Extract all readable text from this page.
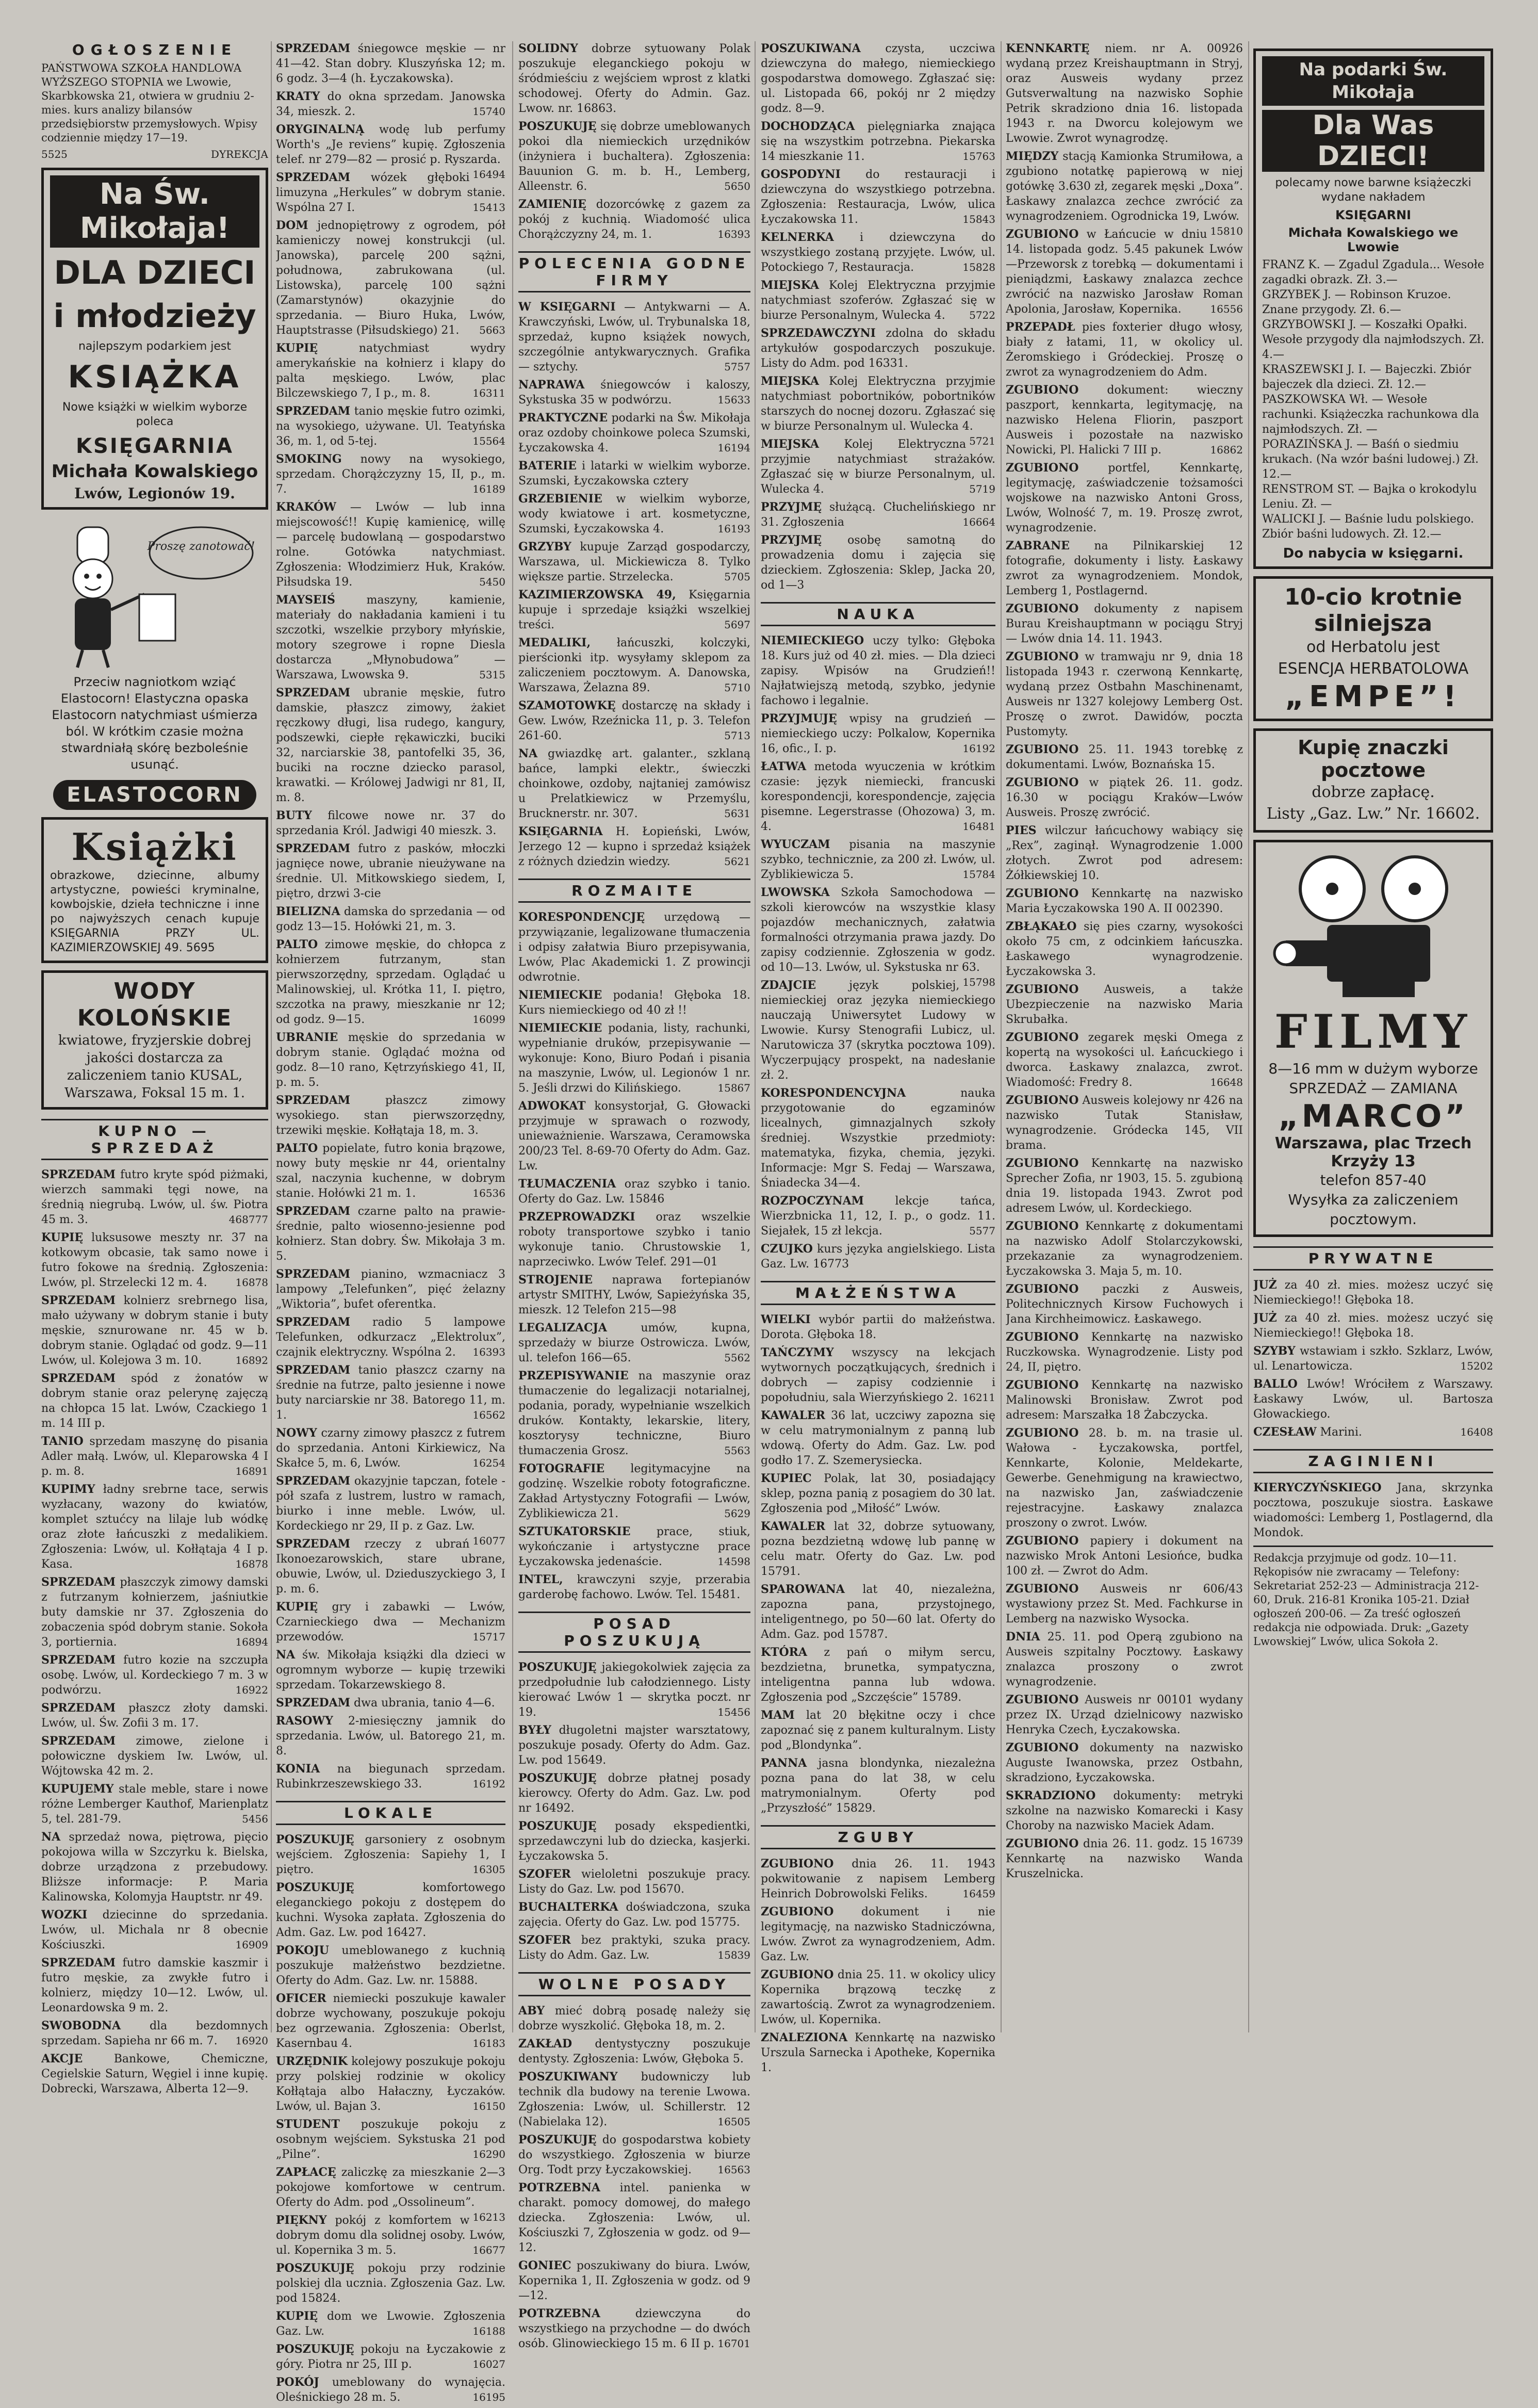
OGŁOSZENIE
PAŃSTWOWA SZKOŁA HANDLOWA WYŻSZEGO STOPNIA we Lwowie, Skarbkowska 21, otwiera w grudniu 2-mies. kurs analizy bilansów przedsiębiorstw przemysłowych. Wpisy codziennie między 17—19.
5525	DYREKCJA
Na Św. Mikołaja!
DLA DZIECI
i młodzieży
najlepszym podarkiem jest
KSIĄŻKA
Nowe książki w wielkim wyborze poleca
KSIĘGARNIA
Michała Kowalskiego
Lwów, Legionów 19.
Proszę zanotować!
Przeciw nagniotkom wziąć Elastocorn! Elastyczna opaska Elastocorn natychmiast uśmierza ból. W krótkim czasie można stwardniałą skórę bezboleśnie usunąć.
ELASTOCORN
Książki
obrazkowe, dziecinne, albumy artystyczne, powieści kryminalne, kowbojskie, dzieła techniczne i inne po najwyższych cenach kupuje KSIĘGARNIA PRZY UL. KAZIMIERZOWSKIEJ 49. 5695
WODY KOLOŃSKIE
kwiatowe, fryzjerskie dobrej jakości dostarcza za zaliczeniem tanio KUSAL, Warszawa, Foksal 15 m. 1.
KUPNO — SPRZEDAŻ
SPRZEDAM futro kryte spód piżmaki, wierzch sammaki tęgi nowe, na średnią niegrubą. Lwów, ul. św. Piotra 45 m. 3.	468777
KUPIĘ luksusowe meszty nr. 37 na kotkowym obcasie, tak samo nowe i futro fokowe na średnią. Zgłoszenia: Lwów, pl. Strzelecki 12 m. 4.	16878
SPRZEDAM kolnierz srebrnego lisa, mało używany w dobrym stanie i buty męskie, sznurowane nr. 45 w b. dobrym stanie. Oglądać od godz. 9—11 Lwów, ul. Kolejowa 3 m. 10.	16892
SPRZEDAM spód z żonatów w dobrym stanie oraz pelerynę zajęczą na chłopca 15 lat. Lwów, Czackiego 1 m. 14 III p.
TANIO sprzedam maszynę do pisania Adler małą. Lwów, ul. Kleparowska 4 I p. m. 8.	16891
KUPIMY ładny srebrne tace, serwis wyzłacany, wazony do kwiatów, komplet sztućcy na lilaje lub wódkę oraz złote łańcuszki z medalikiem. Zgłoszenia: Lwów, ul. Kołłątaja 4 I p. Kasa.	16878
SPRZEDAM płaszczyk zimowy damski z futrzanym kołnierzem, jaśniutkie buty damskie nr 37. Zgłoszenia do zobaczenia spód dobrym stanie. Sokoła 3, portiernia.	16894
SPRZEDAM futro kozie na szczupła osobę. Lwów, ul. Kordeckiego 7 m. 3 w podwórzu.	16922
SPRZEDAM płaszcz złoty damski. Lwów, ul. Św. Zofii 3 m. 17.
SPRZEDAM zimowe, zielone i połowiczne dyskiem Iw. Lwów, ul. Wójtowska 42 m. 2.
KUPUJEMY stale meble, stare i nowe różne Lemberger Kauthof, Marienplatz 5, tel. 281-79.	5456
NA sprzedaż nowa, piętrowa, pięcio pokojowa willa w Szczyrku k. Bielska, dobrze urządzona z przebudowy. Bliższe informacje: P. Maria Kalinowska, Kolomyja Hauptstr. nr 49.
WOZKI dziecinne do sprzedania. Lwów, ul. Michala nr 8 obecnie Kościuszki.	16909
SPRZEDAM futro damskie kaszmir i futro męskie, za zwykłe futro i kolnierz, między 10—12. Lwów, ul. Leonardowska 9 m. 2.
SWOBODNA	dla bezdomnych sprzedam. Sapieha nr 66 m. 7.	16920
AKCJE	Bankowe, Chemiczne, Cegielskie Saturn, Węgiel i inne kupię. Dobrecki, Warszawa, Alberta 12—9.
SPRZEDAM śniegowce męskie — nr 41—42. Stan dobry. Kluszyńska 12; m. 6 godz. 3—4 (h. Łyczakowska).
KRATY do okna sprzedam. Janowska 34, mieszk. 2.	15740
ORYGINALNĄ wodę lub perfumy Worth's „Je reviens” kupię. Zgłoszenia telef. nr 279—82 — prosić p. Ryszarda.
16494
SPRZEDAM wózek głęboki limuzyna „Herkules” w dobrym stanie. Wspólna 27 I.	15413
DOM jednopiętrowy z ogrodem, pół kamieniczy nowej konstrukcji (ul. Janowska), parcelę 200 sążni, połudnowa, zabrukowana (ul. Listowska), parcelę 100 sążni (Zamarstynów) okazyjnie do sprzedania. — Biuro Huka, Lwów, Hauptstrasse (Piłsudskiego) 21.	5663
KUPIĘ	natychmiast wydry amerykańskie na kołnierz i klapy do palta męskiego. Lwów, plac Bilczewskiego 7, I p., m. 8.	16311
SPRZEDAM tanio męskie futro ozimki, na wysokiego, używane. Ul. Teatyńska 36, m. 1, od 5-tej.	15564
SMOKING nowy na wysokiego, sprzedam. Chorążczyzny 15, II, p., m. 7.	16189
KRAKÓW — Lwów — lub inna miejscowość!! Kupię kamienicę, willę — parcelę budowlaną — gospodarstwo rolne. Gotówka natychmiast. Zgłoszenia: Włodzimierz Huk, Kraków. Piłsudska 19.	5450
MAYSEIŚ	maszyny, kamienie, materiały do nakładania kamieni i tu szczotki, wszelkie przybory młyńskie, motory szegrowe i ropne Diesla dostarcza „Młynobudowa” — Warszawa, Lwowska 9.	5315
SPRZEDAM ubranie męskie, futro damskie, płaszcz zimowy, żakiet ręczkowy długi, lisa rudego, kangury, podszewki, ciepłe rękawiczki, buciki 32, narciarskie 38, pantofelki 35, 36, buciki na roczne dziecko parasol, krawatki. — Królowej Jadwigi nr 81, II, m. 8.
BUTY filcowe nowe nr. 37 do sprzedania Król. Jadwigi 40 mieszk. 3.
SPRZEDAM futro z pasków, młoczki jagnięce nowe, ubranie nieużywane na średnie. Ul. Mitkowskiego siedem, I, piętro, drzwi 3-cie
BIELIZNA damska do sprzedania — od godz 13—15. Hołówki 21, m. 3.
PALTO zimowe męskie, do chłopca z kołnierzem futrzanym, stan pierwszorzędny, sprzedam. Oglądać u Malinowskiej, ul. Krótka 11, I. piętro, szczotka na prawy, mieszkanie nr 12; od godz. 9—15.	16099
UBRANIE męskie do sprzedania w dobrym stanie. Oglądać można od godz. 8—10 rano, Kętrzyńskiego 41, II, p. m. 5.
SPRZEDAM	płaszcz zimowy wysokiego. stan pierwszorzędny, trzewiki męskie. Kołłątaja 18, m. 3.
PALTO popielate, futro konia brązowe, nowy buty męskie nr 44, orientalny szal, naczynia kuchenne, w dobrym stanie. Hołówki 21 m. 1.	16536
SPRZEDAM czarne palto na prawie-średnie, palto wiosenno-jesienne pod kołnierz. Stan dobry. Św. Mikołaja 3 m. 5.
SPRZEDAM pianino, wzmacniacz 3 lampowy „Telefunken”, pięć żelazny „Wiktoria”, bufet oferentka.
SPRZEDAM radio 5 lampowe Telefunken, odkurzacz „Elektrolux”, czajnik elektryczny. Wspólna 2.	16393
SPRZEDAM tanio płaszcz czarny na średnie na futrze, palto jesienne i nowe buty narciarskie nr 38. Batorego 11, m. 1.	16562
NOWY czarny zimowy płaszcz z futrem do sprzedania. Antoni Kirkiewicz, Na Skałce 5, m. 6, Lwów.	16254
SPRZEDAM okazyjnie tapczan, fotele - pół szafa z lustrem, lustro w ramach, biurko i inne meble. Lwów, ul. Kordeckiego nr 29, II p. z Gaz. Lw.
16077
SPRZEDAM rzeczy z ubrań Ikonoezarowskich, stare ubrane, obuwie, Lwów, ul. Dzieduszyckiego 3, I p. m. 6.
KUPIĘ gry i zabawki — Lwów, Czarnieckiego dwa — Mechanizm przewodów.	15717
NA św. Mikołaja książki dla dzieci w ogromnym wyborze — kupię trzewiki sprzedam. Tokarzewskiego 8.
SPRZEDAM dwa ubrania, tanio 4—6.
RASOWY 2-miesięczny jamnik do sprzedania. Lwów, ul. Batorego 21, m. 8.
KONIA na biegunach sprzedam. Rubinkrzeszewskiego 33.	16192
LOKALE
POSZUKUJĘ garsoniery z osobnym wejściem. Zgłoszenia: Sapiehy 1, I piętro.	16305
POSZUKUJĘ	komfortowego eleganckiego pokoju z dostępem do kuchni. Wysoka zapłata. Zgłoszenia do Adm. Gaz. Lw. pod 16427.
POKOJU umeblowanego z kuchnią poszukuje małżeństwo bezdzietne. Oferty do Adm. Gaz. Lw. nr. 15888.
OFICER niemiecki poszukuje kawaler dobrze wychowany, poszukuje pokoju bez ogrzewania. Zgłoszenia: Oberlst, Kasernbau 4.	16183
URZĘDNIK kolejowy poszukuje pokoju przy polskiej rodzinie w okolicy Kołłątaja albo Hałaczny, Łyczaków. Lwów, ul. Bajan 3.	16150
STUDENT poszukuje pokoju z osobnym wejściem. Sykstuska 21 pod „Pilne”.	16290
ZAPŁACĘ zaliczkę za mieszkanie 2—3 pokojowe komfortowe w centrum. Oferty do Adm. pod „Ossolineum”.
16213
PIĘKNY pokój z komfortem w dobrym domu dla solidnej osoby. Lwów, ul. Kopernika 3 m. 5.	16677
POSZUKUJĘ pokoju przy rodzinie polskiej dla ucznia. Zgłoszenia Gaz. Lw. pod 15824.
KUPIĘ dom we Lwowie. Zgłoszenia Gaz. Lw.	16188
POSZUKUJĘ pokoju na Łyczakowie z góry. Piotra nr 25, III p.	16027
POKÓJ umeblowany do wynajęcia. Oleśnickiego 28 m. 5.	16195
SOLIDNY dobrze sytuowany Polak poszukuje eleganckiego pokoju w śródmieściu z wejściem wprost z klatki schodowej. Oferty do Admin. Gaz. Lwow. nr. 16863.
POSZUKUJĘ się dobrze umeblowanych pokoi dla niemieckich urzędników (inżyniera i buchaltera). Zgłoszenia: Bauunion G. m. b. H., Lemberg, Alleenstr. 6.	5650
ZAMIENIĘ dozorcówkę z gazem za pokój z kuchnią. Wiadomość ulica Chorążczyzny 24, m. 1.	16393
POLECENIA GODNE FIRMY
W KSIĘGARNI — Antykwarni — A. Krawczyński, Lwów, ul. Trybunalska 18, sprzedaż, kupno książek nowych, szczególnie antykwarycznych. Grafika — sztychy.	5757
NAPRAWA śniegowców i kaloszy, Sykstuska 35 w podwórzu.	15633
PRAKTYCZNE podarki na Św. Mikołaja oraz ozdoby choinkowe poleca Szumski, Łyczakowska 4.	16194
BATERIE i latarki w wielkim wyborze. Szumski, Łyczakowska cztery
GRZEBIENIE w wielkim wyborze, wody kwiatowe i art. kosmetyczne, Szumski, Łyczakowska 4.	16193
GRZYBY kupuje Zarząd gospodarczy, Warszawa, ul. Mickiewicza 8. Tylko większe partie. Strzelecka.	5705
KAZIMIERZOWSKA 49, Księgarnia kupuje i sprzedaje książki wszelkiej treści.	5697
MEDALIKI, łańcuszki, kolczyki, pierścionki itp. wysyłamy sklepom za zaliczeniem pocztowym. A. Danowska, Warszawa, Żelazna 89.	5710
SZAMOTOWKĘ dostarczę na składy i Gew. Lwów, Rzeźnicka 11, p. 3. Telefon 261-60.	5713
NA gwiazdkę art. galanter., szklaną bańce, lampki elektr., świeczki choinkowe, ozdoby, najtaniej zamówisz u Prelatkiewicz w Przemyślu, Brucknerstr. nr. 307.	5631
KSIĘGARNIA H. Łopieński, Lwów, Jerzego 12 — kupno i sprzedaż książek z różnych dziedzin wiedzy.	5621
ROZMAITE
KORESPONDENCJĘ urzędową — przywiązanie, legalizowane tłumaczenia i odpisy załatwia Biuro przepisywania, Lwów, Plac Akademicki 1. Z prowincji odwrotnie.
NIEMIECKIE podania! Głęboka 18. Kurs niemieckiego od 40 zł !!
NIEMIECKIE podania, listy, rachunki, wypełnianie druków, przepisywanie — wykonuje: Kono, Biuro Podań i pisania na maszynie, Lwów, ul. Legionów 1 nr. 5. Jeśli drzwi do Kilińskiego.	15867
ADWOKAT konsystorjał, G. Głowacki przyjmuje w sprawach o rozwody, unieważnienie. Warszawa, Ceramowska 200/23 Tel. 8-69-70 Oferty do Adm. Gaz. Lw.
TŁUMACZENIA oraz szybko i tanio. Oferty do Gaz. Lw. 15846
PRZEPROWADZKI oraz wszelkie roboty transportowe szybko i tanio wykonuje tanio. Chrustowskie 1, naprzeciwko. Lwów Telef. 291—01
STROJENIE naprawa fortepianów artystr SMITHY, Lwów, Sapieżyńska 35, mieszk. 12 Telefon 215—98
LEGALIZACJA	umów, kupna, sprzedaży w biurze Ostrowicza. Lwów, ul. telefon 166—65.	5562
PRZEPISYWANIE na maszynie oraz tłumaczenie do legalizacji notarialnej, podania, porady, wypełnianie wszelkich druków. Kontakty, lekarskie, litery, kosztorysy techniczne, Biuro tłumaczenia Grosz.	5563
FOTOGRAFIE legitymacyjne na godzinę. Wszelkie roboty fotograficzne. Zakład Artystyczny Fotografii — Lwów, Zyblikiewicza 21.	5629
SZTUKATORSKIE prace, stiuk, wykończanie i artystyczne prace Łyczakowska jedenaście.	14598
INTEL, krawczyni szyje, przerabia garderobę fachowo. Lwów. Tel. 15481.
POSAD POSZUKUJĄ
POSZUKUJĘ jakiegokolwiek zajęcia za przedpołudnie lub całodziennego. Listy kierować Lwów 1 — skrytka poczt. nr 19.	15456
BYŁY długoletni majster warsztatowy, poszukuje posady. Oferty do Adm. Gaz. Lw. pod 15649.
POSZUKUJĘ dobrze płatnej posady kierowcy. Oferty do Adm. Gaz. Lw. pod nr 16492.
POSZUKUJĘ posady ekspedientki, sprzedawczyni lub do dziecka, kasjerki. Łyczakowska 5.
SZOFER wieloletni poszukuje pracy. Listy do Gaz. Lw. pod 15670.
BUCHALTERKA doświadczona, szuka zajęcia. Oferty do Gaz. Lw. pod 15775.
SZOFER bez praktyki, szuka pracy. Listy do Adm. Gaz. Lw.	15839
WOLNE POSADY
ABY mieć dobrą posadę należy się dobrze wyszkolić. Głęboka 18, m. 2.
ZAKŁAD dentystyczny poszukuje dentysty. Zgłoszenia: Lwów, Głęboka 5.
POSZUKIWANY budowniczy lub technik dla budowy na terenie Lwowa. Zgłoszenia: Lwów, ul. Schillerstr. 12 (Nabielaka 12).	16505
POSZUKUJĘ do gospodarstwa kobiety do wszystkiego. Zgłoszenia w biurze Org. Todt przy Łyczakowskiej.	16563
POTRZEBNA intel. panienka w charakt. pomocy domowej, do małego dziecka. Zgłoszenia: Lwów, ul. Kościuszki 7, Zgłoszenia w godz. od 9—12.
GONIEC poszukiwany do biura. Lwów, Kopernika 1, II. Zgłoszenia w godz. od 9—12.
POTRZEBNA	dziewczyna do wszystkiego na przychodne — do dwóch osób. Glinowieckiego 15 m. 6 II p. 16701
POSZUKIWANA czysta, uczciwa dziewczyna do małego, niemieckiego gospodarstwa domowego. Zgłaszać się: ul. Listopada 66, pokój nr 2 między godz. 8—9.
DOCHODZĄCA pielęgniarka znająca się na wszystkim potrzebna. Piekarska 14 mieszkanie 11.	15763
GOSPODYNI do restauracji i dziewczyna do wszystkiego potrzebna. Zgłoszenia: Restauracja, Lwów, ulica Łyczakowska 11.	15843
KELNERKA i dziewczyna do wszystkiego zostaną przyjęte. Lwów, ul. Potockiego 7, Restauracja.	15828
MIEJSKA Kolej Elektryczna przyjmie natychmiast szoferów. Zgłaszać się w biurze Personalnym, Wulecka 4.	5722
SPRZEDAWCZYNI zdolna do składu artykułów gospodarczych poszukuje. Listy do Adm. pod 16331.
MIEJSKA Kolej Elektryczna przyjmie natychmiast pobortników, pobortników starszych do nocnej dozoru. Zgłaszać się w biurze Personalnym ul. Wulecka 4.
5721
MIEJSKA Kolej Elektryczna przyjmie natychmiast strażaków. Zgłaszać się w biurze Personalnym, ul. Wulecka 4.	5719
PRZYJMĘ służącą. Cłuchelińskiego nr 31. Zgłoszenia	16664
PRZYJMĘ osobę samotną do prowadzenia domu i zajęcia się dzieckiem. Zgłoszenia: Sklep, Jacka 20, od 1—3
NAUKA
NIEMIECKIEGO uczy tylko: Głęboka 18. Kurs już od 40 zł. mies. — Dla dzieci zapisy. Wpisów na Grudzień!! Najłatwiejszą metodą, szybko, jedynie fachowo i legalnie.
PRZYJMUJĘ wpisy na grudzień — niemieckiego uczy: Polkalow, Kopernika 16, ofic., I. p.	16192
ŁATWA metoda wyuczenia w krótkim czasie: język niemiecki, francuski korespondencji, korespondencje, zajęcia pisemne. Legerstrasse (Ohozowa) 3, m. 4.	16481
WYUCZAM pisania na maszynie szybko, technicznie, za 200 zł. Lwów, ul. Zyblikiewicza 5.	15784
LWOWSKA Szkoła Samochodowa — szkoli kierowców na wszystkie klasy pojazdów mechanicznych, załatwia formalności otrzymania prawa jazdy. Do zapisy codziennie. Zgłoszenia w godz. od 10—13. Lwów, ul. Sykstuska nr 63.
15798
ZDAJCIE	język polskiej, niemieckiej oraz języka niemieckiego nauczają Uniwersytet Ludowy w Lwowie. Kursy Stenografii Lubicz, ul. Narutowicza 37 (skrytka pocztowa 109). Wyczerpujący prospekt, na nadesłanie zł. 2.
KORESPONDENCYJNA	nauka przygotowanie do egzaminów licealnych, gimnazjalnych szkoły średniej. Wszystkie przedmioty: matematyka, fizyka, chemia, języki. Informacje: Mgr S. Fedaj — Warszawa, Śniadecka 34—4.
ROZPOCZYNAM	lekcje tańca, Wierzbnicka 11, 12, I. p., o godz. 11. Siejałek, 15 zł lekcja.	5577
CZUJKO kurs języka angielskiego. Lista Gaz. Lw. 16773
MAŁŻEŃSTWA
WIELKI wybór partii do małżeństwa. Dorota. Głęboka 18.
TAŃCZYMY wszyscy na lekcjach wytwornych początkujących, średnich i dobrych — zapisy codziennie i popołudniu, sala Wierzyńskiego 2. 16211
KAWALER 36 lat, uczciwy zapozna się w celu matrymonialnym z panną lub wdową. Oferty do Adm. Gaz. Lw. pod godło 17. Z. Szemerysiecka.
KUPIEC Polak, lat 30, posiadający sklep, pozna panią z posagiem do 30 lat. Zgłoszenia pod „Miłość” Lwów.
KAWALER lat 32, dobrze sytuowany, pozna bezdzietną wdowę lub pannę w celu matr. Oferty do Gaz. Lw. pod 15791.
SPAROWANA lat 40, niezależna, zapozna pana, przystojnego, inteligentnego, po 50—60 lat. Oferty do Adm. Gaz. pod 15787.
KTÓRA z pań o miłym sercu, bezdzietna, brunetka, sympatyczna, inteligentna panna lub wdowa. Zgłoszenia pod „Szczęście” 15789.
MAM lat 20 błękitne oczy i chce zapoznać się z panem kulturalnym. Listy pod „Blondynka”.
PANNA jasna blondynka, niezależna pozna pana do lat 38, w celu matrymonialnym. Oferty pod „Przyszłość” 15829.
ZGUBY
ZGUBIONO dnia 26. 11. 1943 pokwitowanie z napisem Lemberg Heinrich Dobrowolski Feliks.	16459
ZGUBIONO dokument i nie legitymację, na nazwisko Stadniczówna, Lwów. Zwrot za wynagrodzeniem, Adm. Gaz. Lw.
ZGUBIONO dnia 25. 11. w okolicy ulicy Kopernika brązową teczkę z zawartością. Zwrot za wynagrodzeniem. Lwów, ul. Kopernika.
ZNALEZIONA Kennkartę na nazwisko Urszula Sarnecka i Apotheke, Kopernika 1.
KENNKARTĘ niem. nr A. 00926 wydaną przez Kreishauptmann in Stryj, oraz Ausweis wydany przez Gutsverwaltung na nazwisko Sophie Petrik skradziono dnia 16. listopada 1943 r. na Dworcu kolejowym we Lwowie. Zwrot wynagrodzę.
MIĘDZY stacją Kamionka Strumiłowa, a zgubiono notatkę papierową w niej gotówkę 3.630 zł, zegarek męski „Doxa”. Łaskawy znalazca zechce zwrócić za wynagrodzeniem. Ogrodnicka 19, Lwów.
15810
ZGUBIONO w Łańcucie w dniu 14. listopada godz. 5.45 pakunek Lwów—Przeworsk z torebką — dokumentami i pieniądzmi, Łaskawy znalazca zechce zwrócić na nazwisko Jarosław Roman Apolonia, Jarosław, Kopernika.	16556
PRZEPADŁ pies foxterier długo włosy, biały z łatami, 11, w okolicy ul. Żeromskiego i Gródeckiej. Proszę o zwrot za wynagrodzeniem do Adm.
ZGUBIONO	dokument: wieczny paszport, kennkarta, legitymację, na nazwisko Helena Fliorin, paszport Ausweis i pozostałe na nazwisko Nowicki, Pl. Halicki 7 III p.	16862
ZGUBIONO	portfel, Kennkartę, legitymację, zaświadczenie tożsamości wojskowe na nazwisko Antoni Gross, Lwów, Wolność 7, m. 19. Proszę zwrot, wynagrodzenie.
ZABRANE na Pilnikarskiej 12 fotografie, dokumenty i listy. Łaskawy zwrot za wynagrodzeniem. Mondok, Lemberg 1, Postlagernd.
ZGUBIONO dokumenty z napisem Burau Kreishauptmann w pociągu Stryj — Lwów dnia 14. 11. 1943.
ZGUBIONO w tramwaju nr 9, dnia 18 listopada 1943 r. czerwoną Kennkartę, wydaną przez Ostbahn Maschinenamt, Ausweis nr 1327 kolejowy Lemberg Ost. Proszę o zwrot. Dawidów, poczta Pustomyty.
ZGUBIONO 25. 11. 1943 torebkę z dokumentami. Lwów, Boznańska 15.
ZGUBIONO w piątek 26. 11. godz. 16.30 w pociągu Kraków—Lwów Ausweis. Proszę zwrócić.
PIES wilczur łańcuchowy wabiący się „Rex”, zaginął. Wynagrodzenie 1.000 złotych. Zwrot pod adresem: Żółkiewskiej 10.
ZGUBIONO Kennkartę na nazwisko Maria Łyczakowska 190 A. II 002390.
ZBŁĄKAŁO się pies czarny, wysokości około 75 cm, z odcinkiem łańcuszka. Łaskawego wynagrodzenie. Łyczakowska 3.
ZGUBIONO Ausweis, a także Ubezpieczenie na nazwisko Maria Skrubałka.
ZGUBIONO zegarek męski Omega z kopertą na wysokości ul. Łańcuckiego i dworca. Łaskawy znalazca, zwrot. Wiadomość: Fredry 8.	16648
ZGUBIONO Ausweis kolejowy nr 426 na nazwisko Tutak Stanisław, wynagrodzenie. Gródecka 145, VII brama.
ZGUBIONO Kennkartę na nazwisko Sprecher Zofia, nr 1903, 15. 5. zgubioną dnia 19. listopada 1943. Zwrot pod adresem Lwów, ul. Kordeckiego.
ZGUBIONO Kennkartę z dokumentami na nazwisko Adolf Stolarczykowski, przekazanie za wynagrodzeniem. Łyczakowska 3. Maja 5, m. 10.
ZGUBIONO paczki z Ausweis, Politechnicznych Kirsow Fuchowych i Jana Kirchheimowicz. Łaskawego.
ZGUBIONO Kennkartę na nazwisko Ruczkowska. Wynagrodzenie. Listy pod 24, II, piętro.
ZGUBIONO Kennkartę na nazwisko Malinowski Bronisław. Zwrot pod adresem: Marszałka 18 Żabczycka.
ZGUBIONO 28. b. m. na trasie ul. Wałowa - Łyczakowska, portfel, Kennkarte, Kolonie, Meldekarte, Gewerbe. Genehmigung na krawiectwo, na nazwisko Jan, zaświadczenie rejestracyjne. Łaskawy znalazca proszony o zwrot. Lwów.
ZGUBIONO papiery i dokument na nazwisko Mrok Antoni Lesiońce, budka 100 zł. — Zwrot do Adm.
ZGUBIONO Ausweis nr 606/43 wystawiony przez St. Med. Fachkurse in Lemberg na nazwisko Wysocka.
DNIA 25. 11. pod Operą zgubiono na Ausweis szpitalny Pocztowy. Łaskawy znalazca proszony o zwrot wynagrodzenie.
ZGUBIONO Ausweis nr 00101 wydany przez IX. Urząd dzielnicowy nazwisko Henryka Czech, Łyczakowska.
ZGUBIONO dokumenty na nazwisko Auguste Iwanowska, przez Ostbahn, skradziono, Łyczakowska.
SKRADZIONO dokumenty: metryki szkolne na nazwisko Komarecki i Kasy Choroby na nazwisko Maciek Adam.
16739
ZGUBIONO dnia 26. 11. godz. 15 Kennkartę na nazwisko Wanda Kruszelnicka.
Na podarki Św. Mikołaja
Dla Was DZIECI!
polecamy nowe barwne książeczki wydane nakładem
KSIĘGARNI
Michała Kowalskiego we Lwowie
FRANZ K. — Zgadul Zgadula... Wesołe zagadki obrazk. Zł. 3.—
GRZYBEK J. — Robinson Kruzoe. Znane przygody. Zł. 6.—
GRZYBOWSKI J. — Koszałki Opałki. Wesołe przygody dla najmłodszych. Zł. 4.—
KRASZEWSKI J. I. — Bajeczki. Zbiór bajeczek dla dzieci. Zł. 12.—
PASZKOWSKA Wł. — Wesołe rachunki. Książeczka rachunkowa dla najmłodszych. Zł. —
PORAZIŃSKA J. — Baśń o siedmiu krukach. (Na wzór baśni ludowej.) Zł. 12.—
RENSTROM ST. — Bajka o krokodylu Leniu. Zł. —
WALICKI J. — Baśnie ludu polskiego. Zbiór baśni ludowych. Zł. 12.—
Do nabycia w księgarni.
10-cio krotnie silniejsza
od Herbatolu jest
ESENCJA HERBATOLOWA
„EMPE”!
Kupię znaczki pocztowe
dobrze zapłacę.
Listy „Gaz. Lw.” Nr. 16602.
FILMY
8—16 mm w dużym wyborze
SPRZEDAŻ — ZAMIANA
„MARCO”
Warszawa, plac Trzech Krzyży 13
telefon 857-40
Wysyłka za zaliczeniem pocztowym.
PRYWATNE
JUŻ za 40 zł. mies. możesz uczyć się Niemieckiego!! Głęboka 18.
JUŻ za 40 zł. mies. możesz uczyć się Niemieckiego!! Głęboka 18.
SZYBY wstawiam i szkło. Szklarz, Lwów, ul. Lenartowicza.	15202
BALLO Lwów! Wróciłem z Warszawy. Łaskawy Lwów, ul. Bartosza Głowackiego.
CZESŁAW Marini.	16408
ZAGINIENI
KIERYCZYŃSKIEGO Jana, skrzynka pocztowa, poszukuje siostra. Łaskawe wiadomości: Lemberg 1, Postlagernd, dla Mondok.
Redakcja przyjmuje od godz. 10—11. Rękopisów nie zwracamy — Telefony: Sekretariat 252-23 — Administracja 212-60, Druk. 216-81 Kronika 105-21. Dział ogłoszeń 200-06. — Za treść ogłoszeń redakcja nie odpowiada. Druk: „Gazety Lwowskiej” Lwów, ulica Sokoła 2.
